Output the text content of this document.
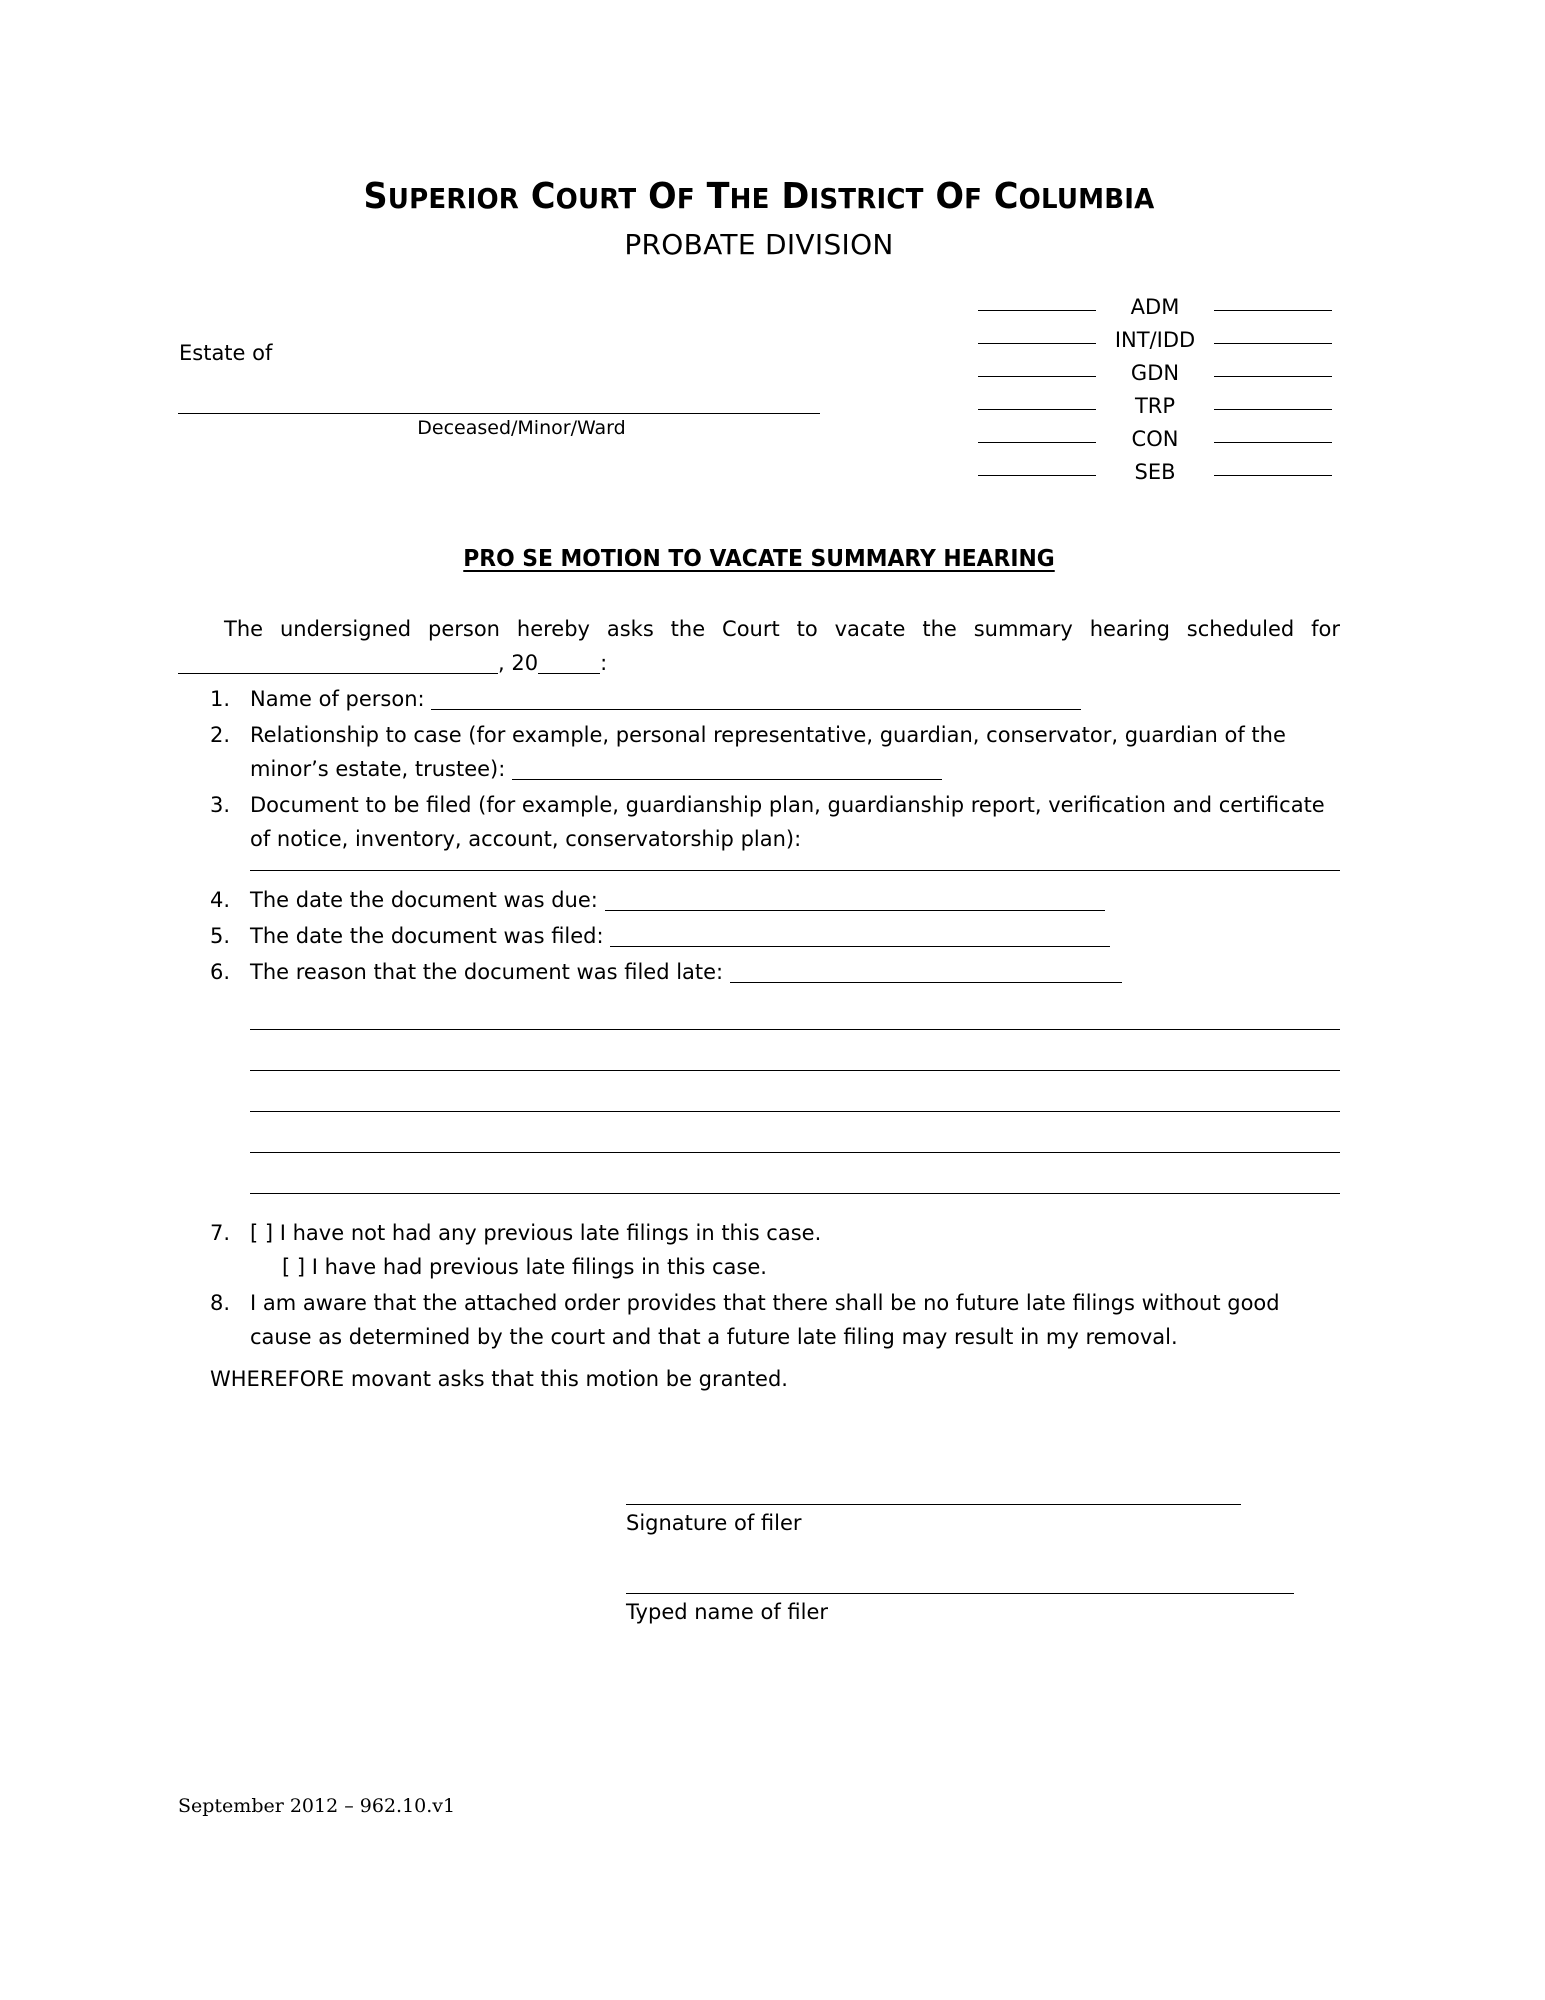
SUPERIOR COURT OF THE DISTRICT OF COLUMBIA
PROBATE DIVISION
Estate of
Deceased/Minor/Ward
ADM
INT/IDD
GDN
TRP
CON
SEB
PRO SE MOTION TO VACATE SUMMARY HEARING
The undersigned person hereby asks the Court to vacate the summary hearing scheduled for , 20	:
1. Name of person:
2. Relationship to case (for example, personal representative, guardian, conservator, guardian of the minor’s estate, trustee):
3. Document to be filed (for example, guardianship plan, guardianship report, verification and certificate of notice, inventory, account, conservatorship plan):
4. The date the document was due:
5. The date the document was filed:
6. The reason that the document was filed late:
7. [ ] I have not had any previous late filings in this case.
[ ] I have had previous late filings in this case.
8. I am aware that the attached order provides that there shall be no future late filings without good cause as determined by the court and that a future late filing may result in my removal.
WHEREFORE movant asks that this motion be granted.
Signature of filer
Typed name of filer
September 2012 – 962.10.v1
